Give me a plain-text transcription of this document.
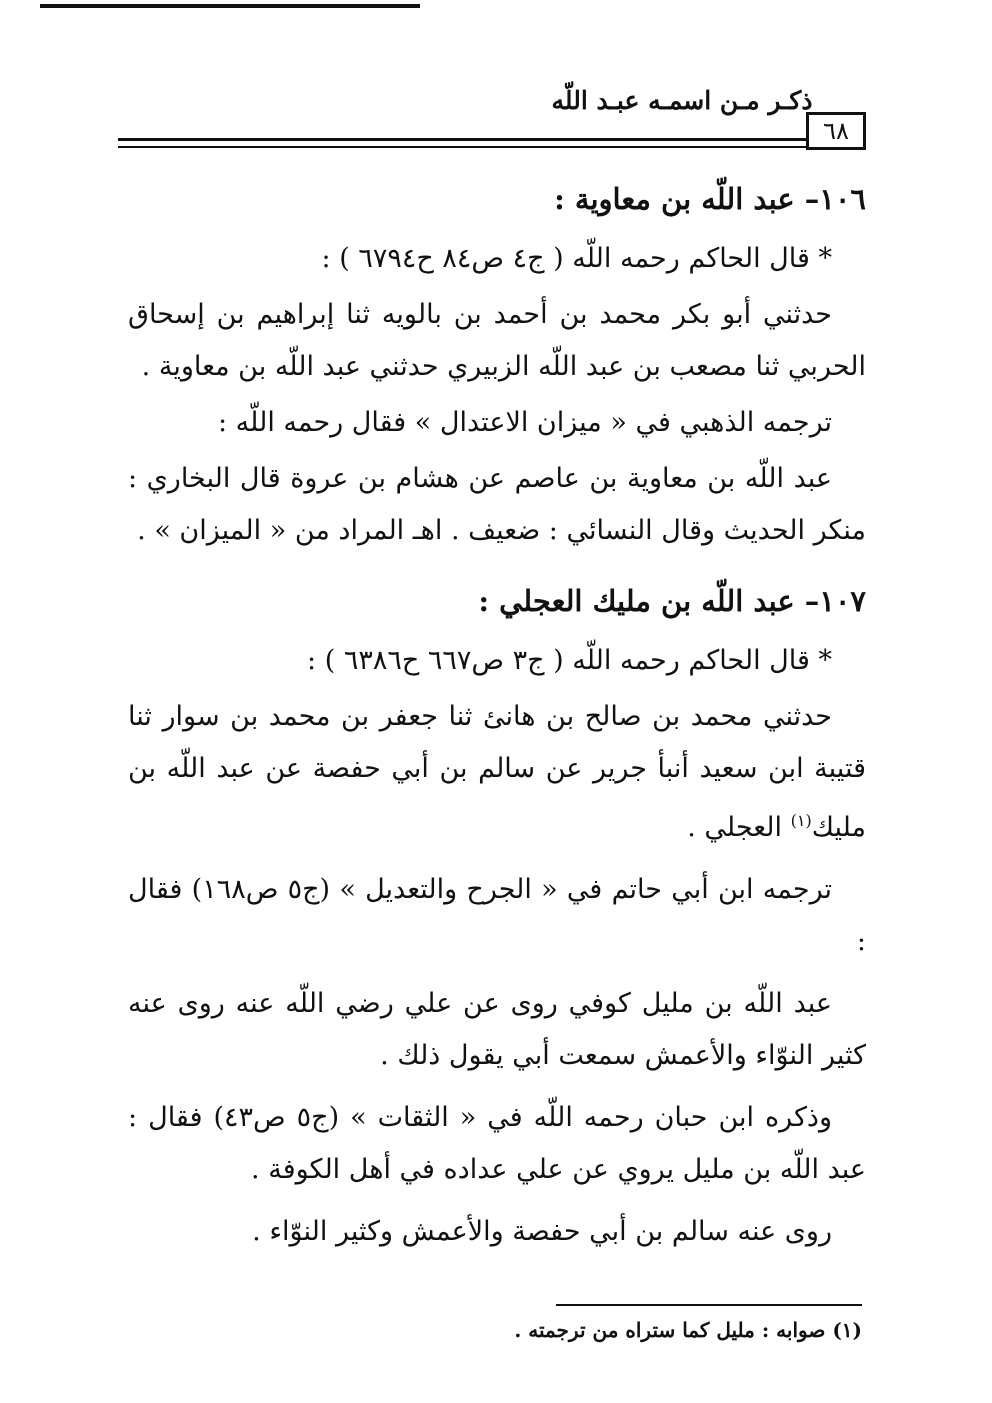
ذكـر مـن اسمـه عبـد اللّه
٦٨

١٠٦– عبد اللّه بن معاوية :

* قال الحاكم رحمه اللّه ( ج٤ ص٨٤ ح٦٧٩٤ ) :

حدثني أبو بكر محمد بن أحمد بن بالويه ثنا إبراهيم بن إسحاق الحربي ثنا مصعب بن عبد اللّه الزبيري حدثني عبد اللّه بن معاوية .

ترجمه الذهبي في « ميزان الاعتدال » فقال رحمه اللّه :

عبد اللّه بن معاوية بن عاصم عن هشام بن عروة قال البخاري : منكر الحديث وقال النسائي : ضعيف . اهـ المراد من « الميزان » .

١٠٧– عبد اللّه بن مليك العجلي :

* قال الحاكم رحمه اللّه ( ج٣ ص٦٦٧ ح٦٣٨٦ ) :

حدثني محمد بن صالح بن هانئ ثنا جعفر بن محمد بن سوار ثنا قتيبة ابن سعيد أنبأ جرير عن سالم بن أبي حفصة عن عبد اللّه بن مليك$^{(١)}$ العجلي .

ترجمه ابن أبي حاتم في « الجرح والتعديل » (ج٥ ص١٦٨) فقال :

عبد اللّه بن مليل كوفي روى عن علي رضي اللّه عنه روى عنه كثير النوّاء والأعمش سمعت أبي يقول ذلك .

وذكره ابن حبان رحمه اللّه في « الثقات » (ج٥ ص٤٣) فقال : عبد اللّه بن مليل يروي عن علي عداده في أهل الكوفة .

روى عنه سالم بن أبي حفصة والأعمش وكثير النوّاء .

(١) صوابه : مليل كما ستراه من ترجمته .
